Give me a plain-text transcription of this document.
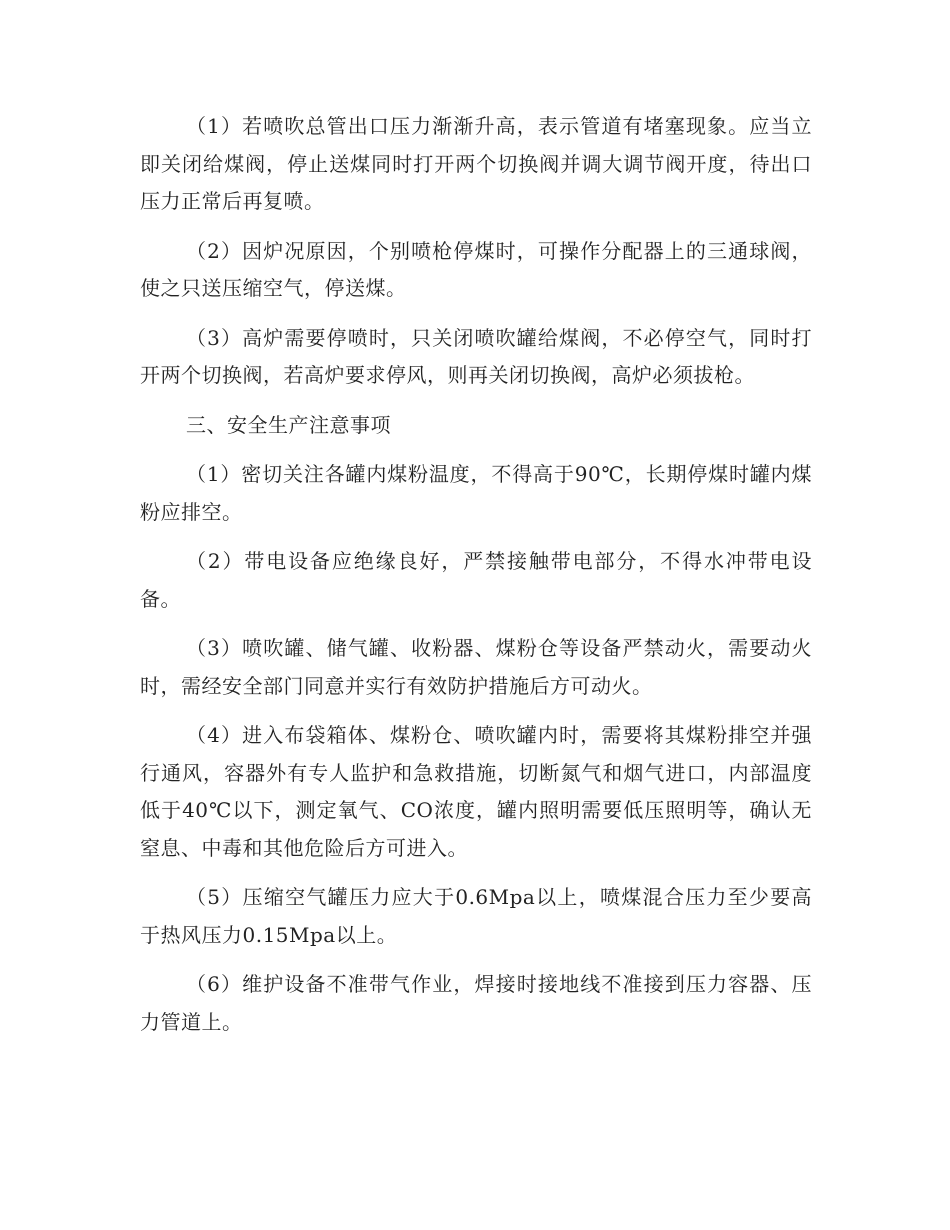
（1）若喷吹总管出口压力渐渐升高，表示管道有堵塞现象。应当立即关闭给煤阀，停止送煤同时打开两个切换阀并调大调节阀开度，待出口压力正常后再复喷。

（2）因炉况原因，个别喷枪停煤时，可操作分配器上的三通球阀，使之只送压缩空气，停送煤。

（3）高炉需要停喷时，只关闭喷吹罐给煤阀，不必停空气，同时打开两个切换阀，若高炉要求停风，则再关闭切换阀，高炉必须拔枪。

三、安全生产注意事项

（1）密切关注各罐内煤粉温度，不得高于90℃，长期停煤时罐内煤粉应排空。

（2）带电设备应绝缘良好，严禁接触带电部分，不得水冲带电设备。

（3）喷吹罐、储气罐、收粉器、煤粉仓等设备严禁动火，需要动火时，需经安全部门同意并实行有效防护措施后方可动火。

（4）进入布袋箱体、煤粉仓、喷吹罐内时，需要将其煤粉排空并强行通风，容器外有专人监护和急救措施，切断氮气和烟气进口，内部温度低于40℃以下，测定氧气、CO浓度，罐内照明需要低压照明等，确认无窒息、中毒和其他危险后方可进入。

（5）压缩空气罐压力应大于0.6Mpa以上，喷煤混合压力至少要高于热风压力0.15Mpa以上。

（6）维护设备不准带气作业，焊接时接地线不准接到压力容器、压力管道上。
